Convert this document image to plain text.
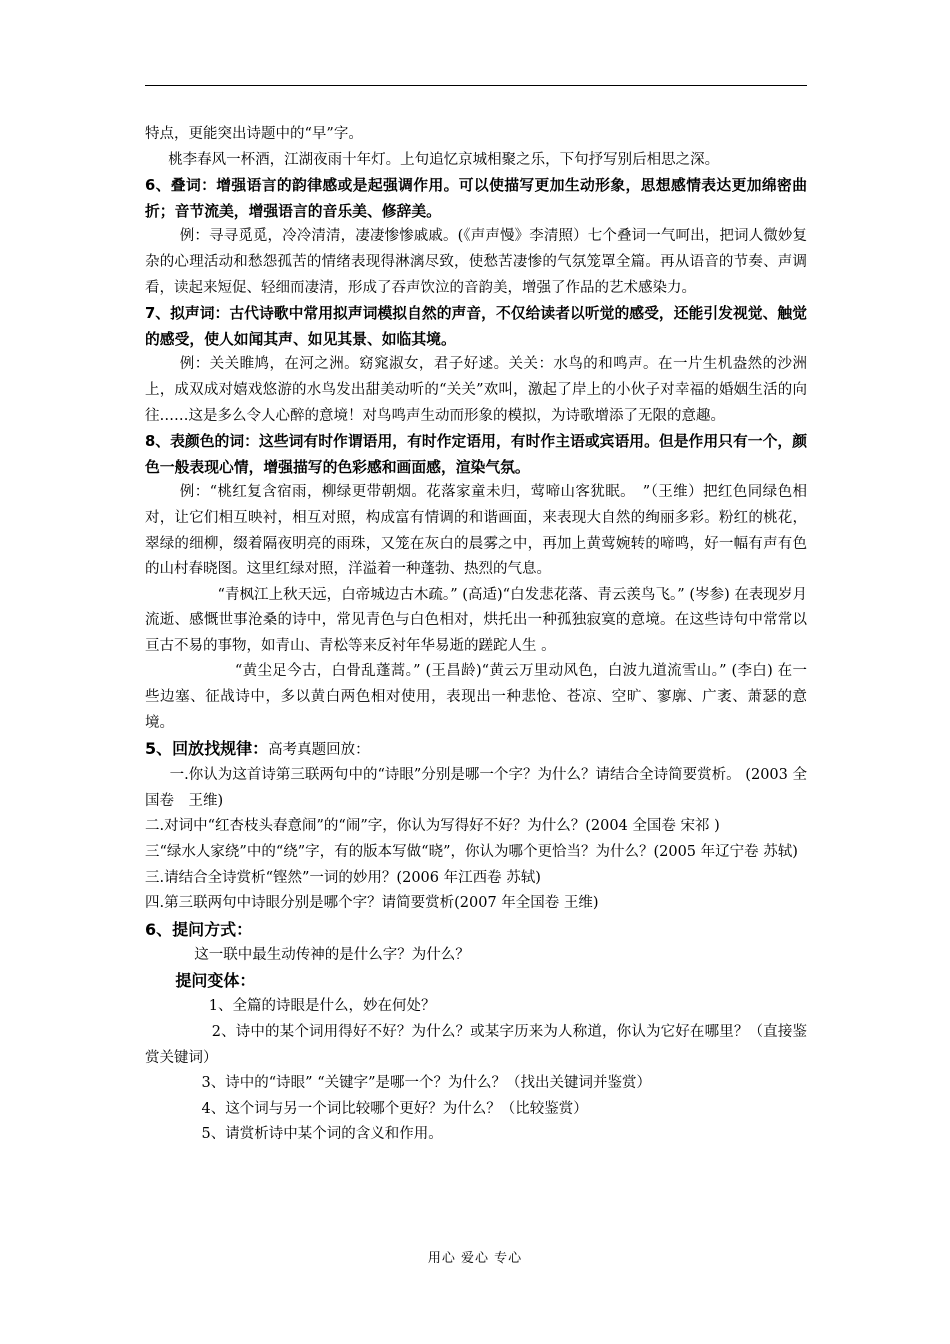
特点，更能突出诗题中的“早”字。

桃李春风一杯酒，江湖夜雨十年灯。上句追忆京城相聚之乐，下句抒写别后相思之深。

6、叠词：增强语言的韵律感或是起强调作用。可以使描写更加生动形象，思想感情表达更加绵密曲折；音节流美，增强语言的音乐美、修辞美。

例：寻寻觅觅，冷冷清清，凄凄惨惨戚戚。(《声声慢》李清照）七个叠词一气呵出，把词人微妙复杂的心理活动和愁怨孤苦的情绪表现得淋漓尽致，使愁苦凄惨的气氛笼罩全篇。再从语音的节奏、声调看，读起来短促、轻细而凄清，形成了吞声饮泣的音韵美，增强了作品的艺术感染力。

7、拟声词：古代诗歌中常用拟声词模拟自然的声音，不仅给读者以听觉的感受，还能引发视觉、触觉的感受，使人如闻其声、如见其景、如临其境。

例：关关睢鸠，在河之洲。窈窕淑女，君子好逑。关关：水鸟的和鸣声。在一片生机盎然的沙洲上，成双成对嬉戏悠游的水鸟发出甜美动听的“关关”欢叫，激起了岸上的小伙子对幸福的婚姻生活的向往……这是多么令人心醉的意境！对鸟鸣声生动而形象的模拟，为诗歌增添了无限的意趣。

8、表颜色的词：这些词有时作谓语用，有时作定语用，有时作主语或宾语用。但是作用只有一个，颜色一般表现心情，增强描写的色彩感和画面感，渲染气氛。

例：“桃红复含宿雨，柳绿更带朝烟。花落家童未归，莺啼山客犹眠。　”（王维）把红色同绿色相对，让它们相互映衬，相互对照，构成富有情调的和谐画面，来表现大自然的绚丽多彩。粉红的桃花，翠绿的细柳，缀着隔夜明亮的雨珠，又笼在灰白的晨雾之中，再加上黄莺婉转的啼鸣，好一幅有声有色的山村春晓图。这里红绿对照，洋溢着一种蓬勃、热烈的气息。

“青枫江上秋天远，白帝城边古木疏。” (高适)“白发悲花落、青云羡鸟飞。” (岑参) 在表现岁月流逝、感慨世事沧桑的诗中，常见青色与白色相对，烘托出一种孤独寂寞的意境。在这些诗句中常常以亘古不易的事物，如青山、青松等来反衬年华易逝的蹉跎人生 。

“黄尘足今古，白骨乱蓬蒿。” (王昌龄)“黄云万里动风色，白波九道流雪山。” (李白) 在一些边塞、征战诗中，多以黄白两色相对使用，表现出一种悲怆、苍凉、空旷、寥廓、广袤、萧瑟的意境。

5、回放找规律：高考真题回放：

一.你认为这首诗第三联两句中的“诗眼”分别是哪一个字？为什么？请结合全诗简要赏析。 (2003 全国卷　王维)

二.对词中“红杏枝头春意闹”的“闹”字，你认为写得好不好？为什么？(2004 全国卷 宋祁 )

三“绿水人家绕”中的“绕”字，有的版本写做“晓”，你认为哪个更恰当？为什么？(2005 年辽宁卷 苏轼)

三.请结合全诗赏析“铿然”一词的妙用？(2006 年江西卷 苏轼)

四.第三联两句中诗眼分别是哪个字？请简要赏析(2007 年全国卷 王维)

6、提问方式：

这一联中最生动传神的是什么字？为什么？

提问变体：

1、全篇的诗眼是什么，妙在何处？

2、诗中的某个词用得好不好？为什么？或某字历来为人称道，你认为它好在哪里？（直接鉴赏关键词）

3、诗中的“诗眼” “关键字”是哪一个？为什么？（找出关键词并鉴赏）

4、这个词与另一个词比较哪个更好？为什么？（比较鉴赏）

5、请赏析诗中某个词的含义和作用。

用心 爱心 专心
